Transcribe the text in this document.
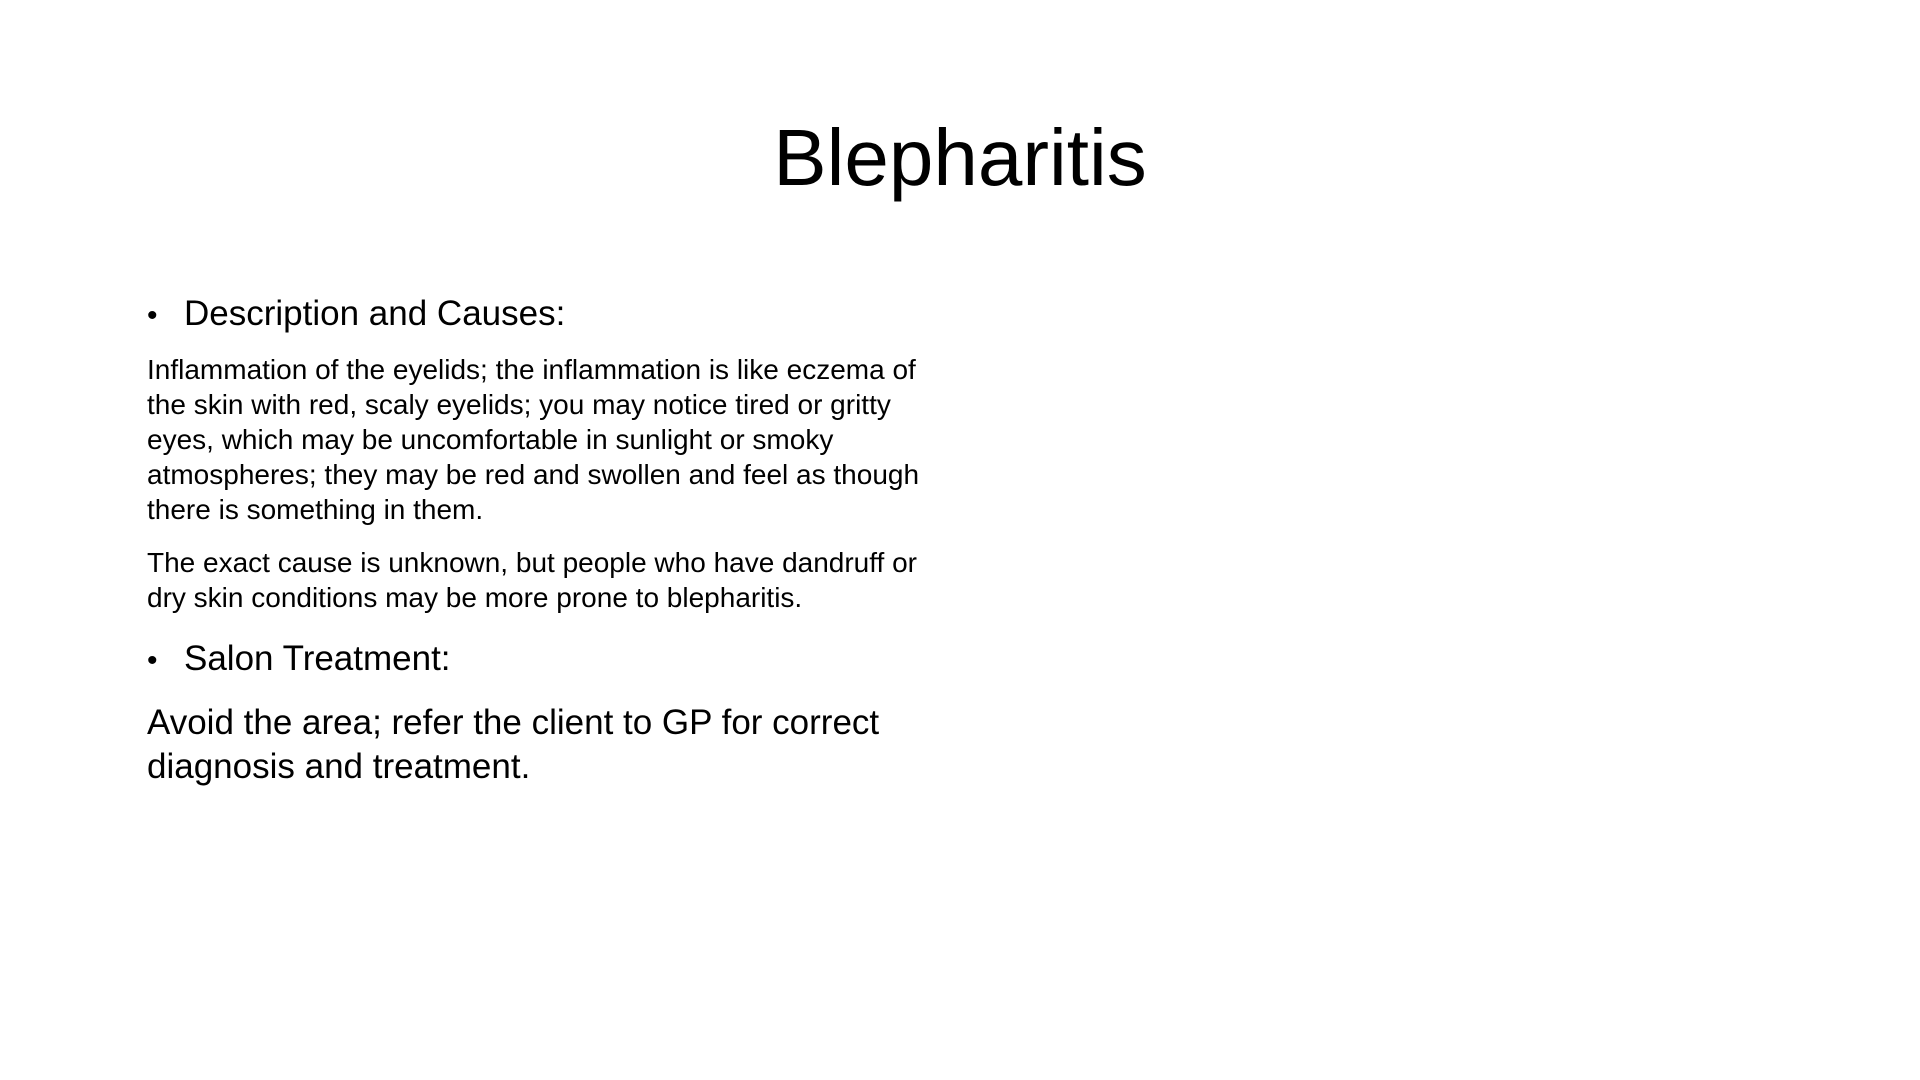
Blepharitis
• Description and Causes:

Inflammation of the eyelids; the inflammation is like eczema of the skin with red, scaly eyelids; you may notice tired or gritty eyes, which may be uncomfortable in sunlight or smoky atmospheres; they may be red and swollen and feel as though there is something in them.

The exact cause is unknown, but people who have dandruff or dry skin conditions may be more prone to blepharitis.

• Salon Treatment:

Avoid the area; refer the client to GP for correct diagnosis and treatment.
